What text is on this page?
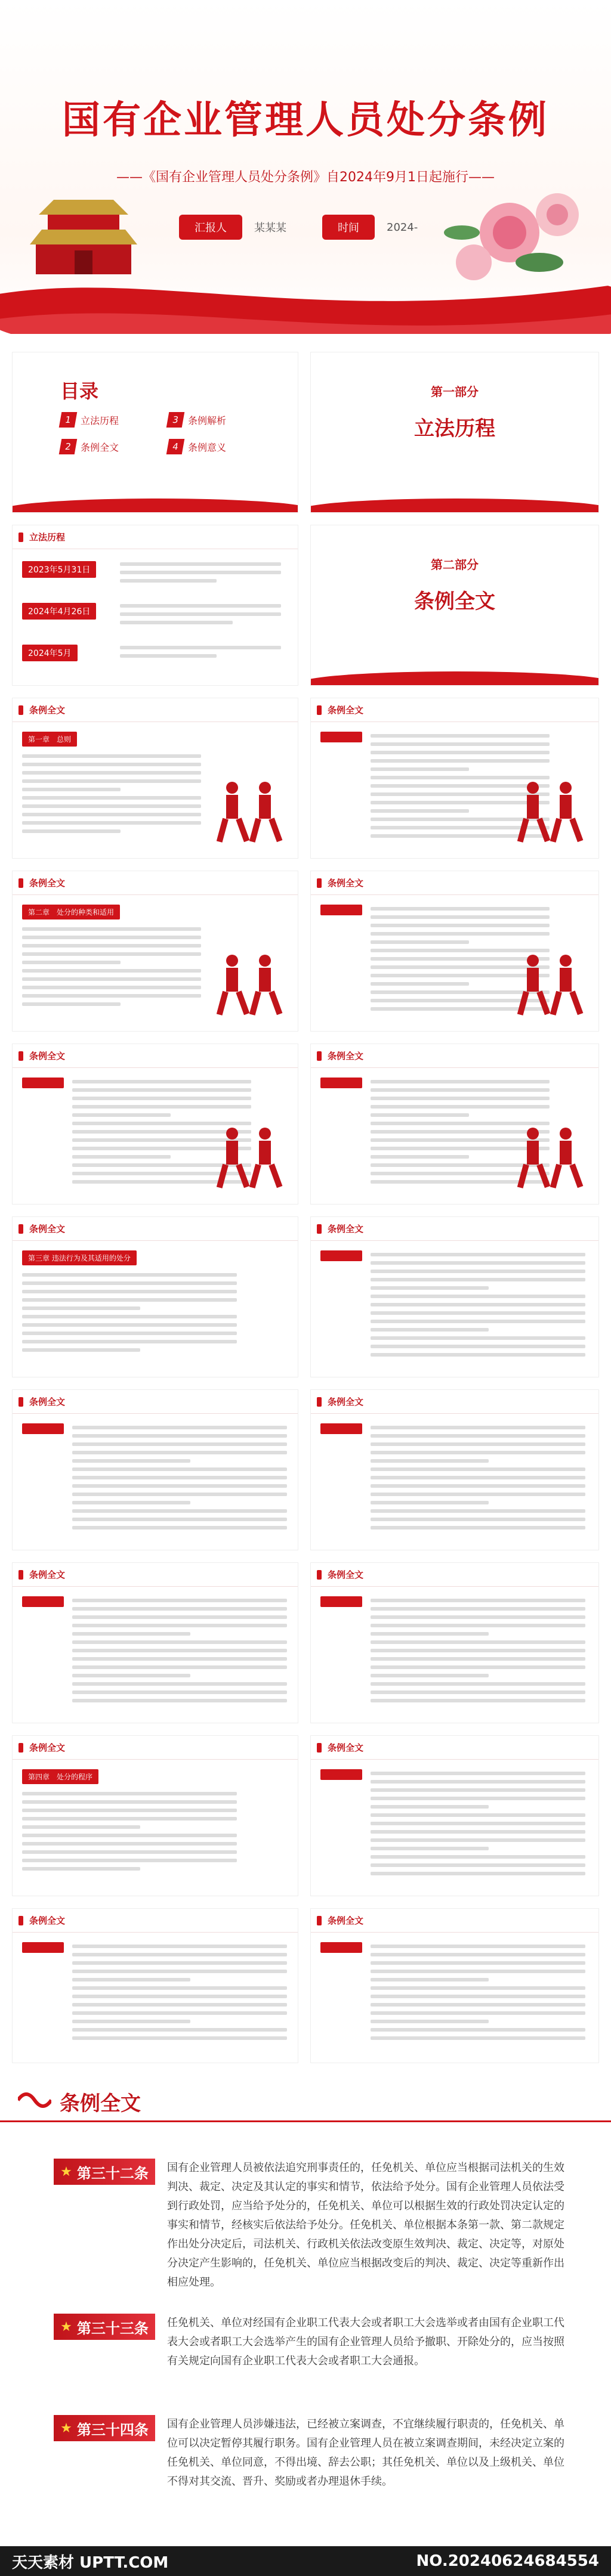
国有企业管理人员处分条例
——《国有企业管理人员处分条例》自2024年9月1日起施行——
汇报人	某某某	时间	2024-
目录
1 立法历程
2 条例全文
3 条例解析
4 条例意义
第一部分
立法历程
立法历程
2023年5月31日
2024年4月26日
2024年5月
第二部分
条例全文
条例全文
第一章　总则
条例全文
条例全文
第二章　处分的种类和适用
条例全文
条例全文	条例全文
条例全文
第三章 违法行为及其适用的处分
条例全文
条例全文	条例全文
条例全文	条例全文
条例全文
第四章　处分的程序
条例全文
条例全文	条例全文
条例全文
★ 第三十二条 国有企业管理人员被依法追究刑事责任的，任免机关、单位应当根据司法机关的生效判决、裁定、决定及其认定的事实和情节，依法给予处分。国有企业管理人员依法受到行政处罚，应当给予处分的，任免机关、单位可以根据生效的行政处罚决定认定的事实和情节，经核实后依法给予处分。任免机关、单位根据本条第一款、第二款规定作出处分决定后，司法机关、行政机关依法改变原生效判决、裁定、决定等，对原处分决定产生影响的，任免机关、单位应当根据改变后的判决、裁定、决定等重新作出相应处理。
★ 第三十三条 任免机关、单位对经国有企业职工代表大会或者职工大会选举或者由国有企业职工代表大会或者职工大会选举产生的国有企业管理人员给予撤职、开除处分的，应当按照有关规定向国有企业职工代表大会或者职工大会通报。
★ 第三十四条 国有企业管理人员涉嫌违法，已经被立案调查，不宜继续履行职责的，任免机关、单位可以决定暂停其履行职务。国有企业管理人员在被立案调查期间，未经决定立案的任免机关、单位同意，不得出境、辞去公职；其任免机关、单位以及上级机关、单位不得对其交流、晋升、奖励或者办理退休手续。
天天素材 UPTT.COM	NO.20240624684554
